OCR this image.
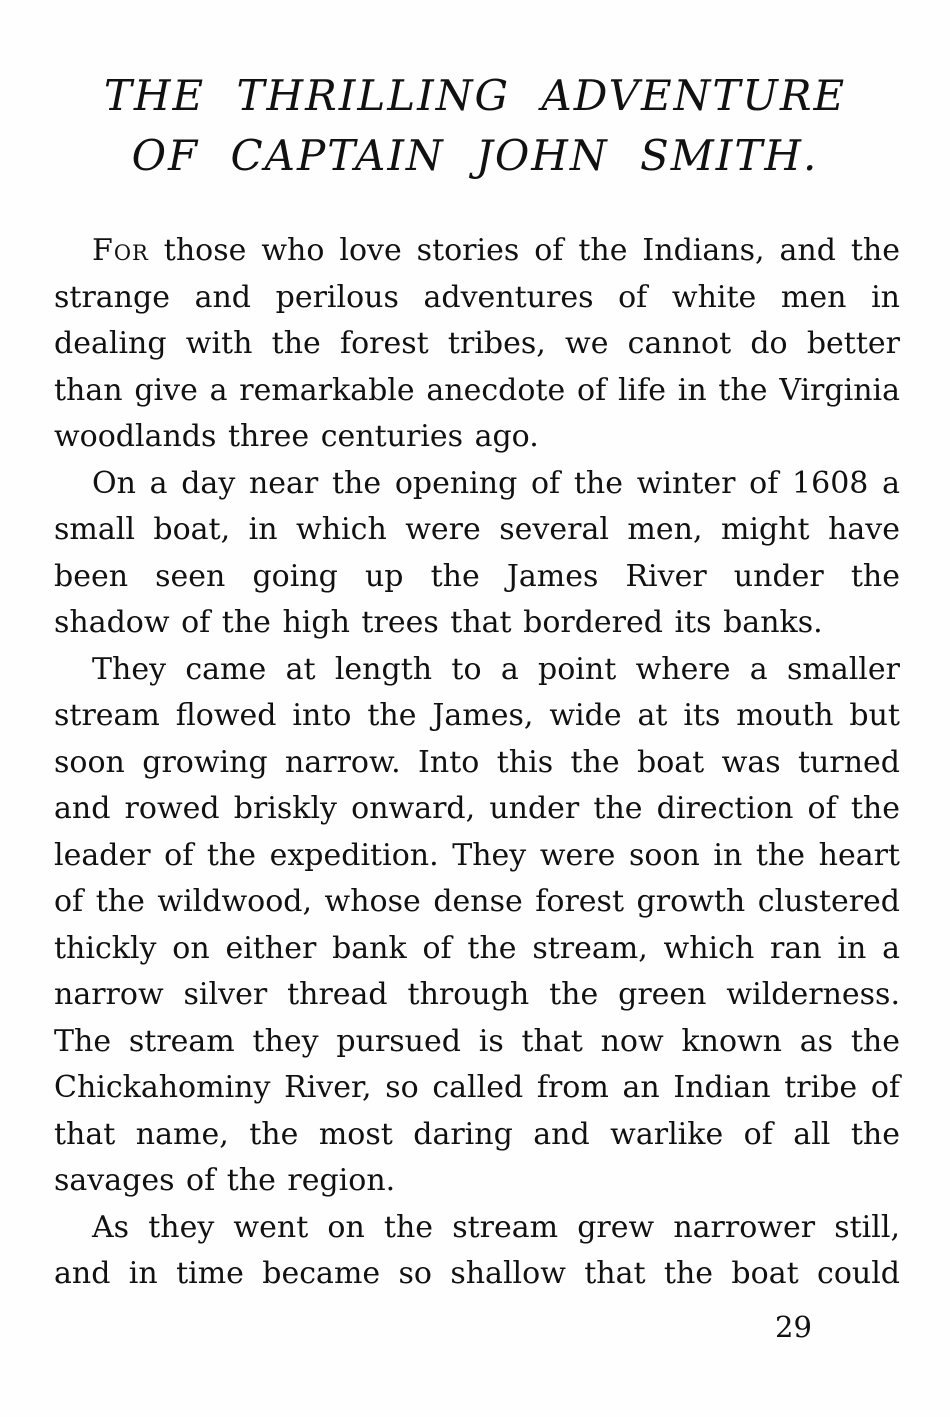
THE THRILLING ADVENTURE
OF CAPTAIN JOHN SMITH.

For those who love stories of the Indians, and the strange and perilous adventures of white men in dealing with the forest tribes, we cannot do better than give a remarkable anecdote of life in the Virginia woodlands three centuries ago.

On a day near the opening of the winter of 1608 a small boat, in which were several men, might have been seen going up the James River under the shadow of the high trees that bordered its banks.

They came at length to a point where a smaller stream flowed into the James, wide at its mouth but soon growing narrow. Into this the boat was turned and rowed briskly onward, under the direction of the leader of the expedition. They were soon in the heart of the wildwood, whose dense forest growth clustered thickly on either bank of the stream, which ran in a narrow silver thread through the green wilderness. The stream they pursued is that now known as the Chickahominy River, so called from an Indian tribe of that name, the most daring and warlike of all the savages of the region.

As they went on the stream grew narrower still, and in time became so shallow that the boat could

29
